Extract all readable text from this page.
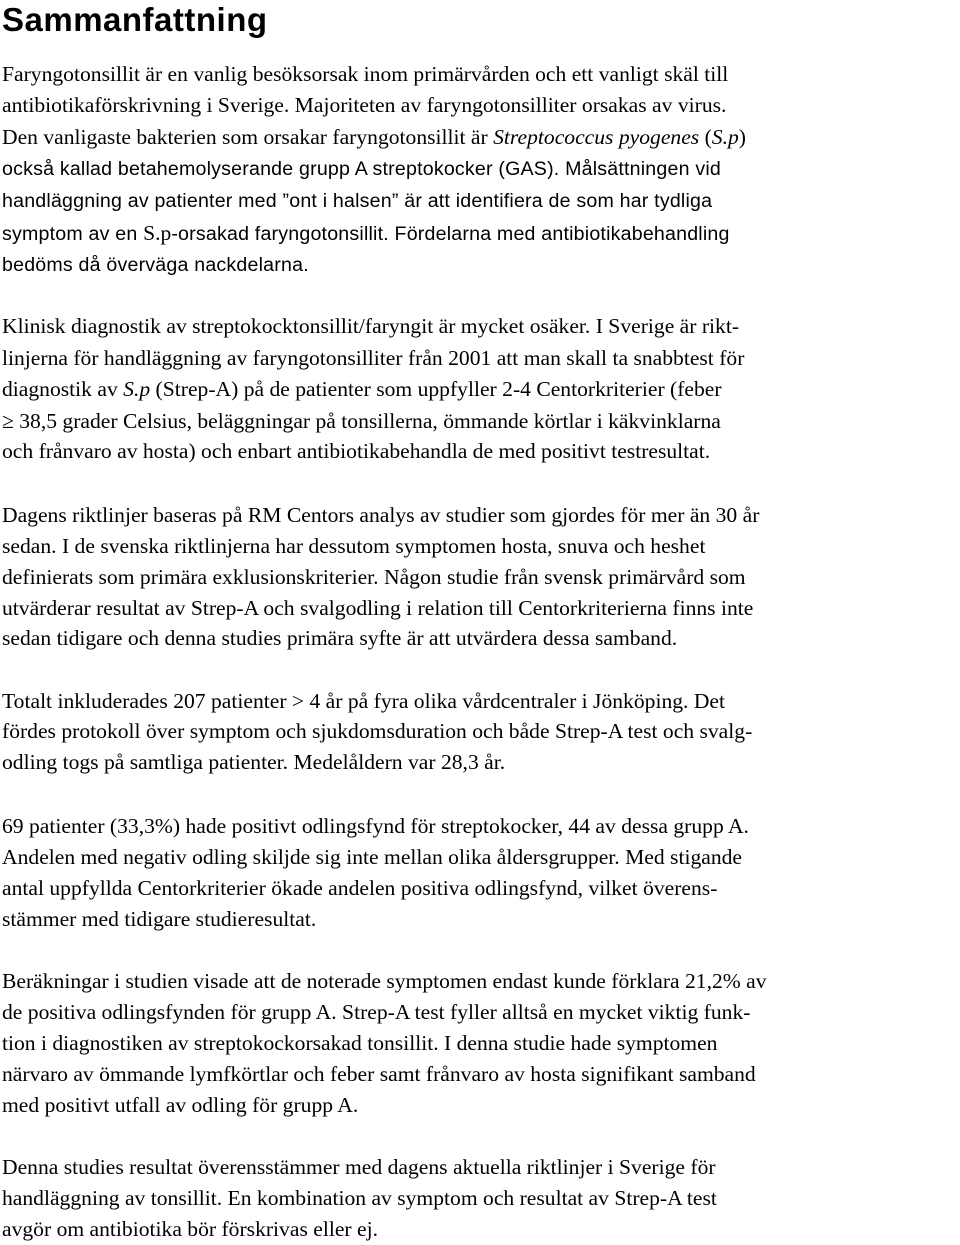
Sammanfattning
Faryngotonsillit är en vanlig besöksorsak inom primärvården och ett vanligt skäl till
antibiotikaförskrivning i Sverige. Majoriteten av faryngotonsilliter orsakas av virus.
Den vanligaste bakterien som orsakar faryngotonsillit är Streptococcus pyogenes (S.p)
också kallad betahemolyserande grupp A streptokocker (GAS). Målsättningen vid
handläggning av patienter med ”ont i halsen” är att identifiera de som har tydliga
symptom av en S.p-orsakad faryngotonsillit. Fördelarna med antibiotikabehandling
bedöms då överväga nackdelarna.
Klinisk diagnostik av streptokocktonsillit/faryngit är mycket osäker. I Sverige är rikt-
linjerna för handläggning av faryngotonsilliter från 2001 att man skall ta snabbtest för
diagnostik av S.p (Strep-A) på de patienter som uppfyller 2-4 Centorkriterier (feber
≥ 38,5 grader Celsius, beläggningar på tonsillerna, ömmande körtlar i käkvinklarna
och frånvaro av hosta) och enbart antibiotikabehandla de med positivt testresultat.
Dagens riktlinjer baseras på RM Centors analys av studier som gjordes för mer än 30 år
sedan. I de svenska riktlinjerna har dessutom symptomen hosta, snuva och heshet
definierats som primära exklusionskriterier. Någon studie från svensk primärvård som
utvärderar resultat av Strep-A och svalgodling i relation till Centorkriterierna finns inte
sedan tidigare och denna studies primära syfte är att utvärdera dessa samband.
Totalt inkluderades 207 patienter > 4 år på fyra olika vårdcentraler i Jönköping. Det
fördes protokoll över symptom och sjukdomsduration och både Strep-A test och svalg-
odling togs på samtliga patienter. Medelåldern var 28,3 år.
69 patienter (33,3%) hade positivt odlingsfynd för streptokocker, 44 av dessa grupp A.
Andelen med negativ odling skiljde sig inte mellan olika åldersgrupper. Med stigande
antal uppfyllda Centorkriterier ökade andelen positiva odlingsfynd, vilket överens-
stämmer med tidigare studieresultat.
Beräkningar i studien visade att de noterade symptomen endast kunde förklara 21,2% av
de positiva odlingsfynden för grupp A. Strep-A test fyller alltså en mycket viktig funk-
tion i diagnostiken av streptokockorsakad tonsillit. I denna studie hade symptomen
närvaro av ömmande lymfkörtlar och feber samt frånvaro av hosta signifikant samband
med positivt utfall av odling för grupp A.
Denna studies resultat överensstämmer med dagens aktuella riktlinjer i Sverige för
handläggning av tonsillit. En kombination av symptom och resultat av Strep-A test
avgör om antibiotika bör förskrivas eller ej.
